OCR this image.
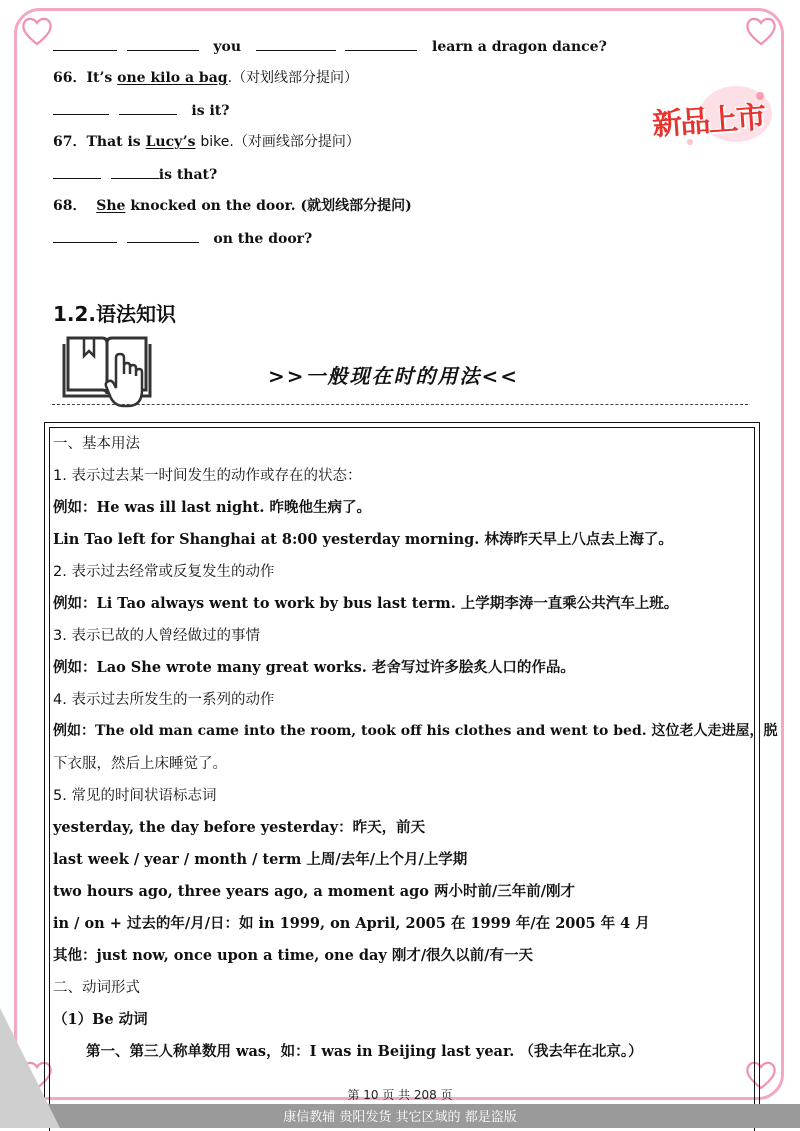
you	learn a dragon dance?
66．It’s one kilo a bag.（对划线部分提问）
is it?
67．That is Lucy’s bike.（对画线部分提问）
is that?
68． She knocked on the door. (就划线部分提问)
on the door?
新品上市
1.2.语法知识
>>一般现在时的用法<<
一、基本用法
1. 表示过去某一时间发生的动作或存在的状态：
例如：He was ill last night. 昨晚他生病了。
Lin Tao left for Shanghai at 8:00 yesterday morning. 林涛昨天早上八点去上海了。
2. 表示过去经常或反复发生的动作
例如：Li Tao always went to work by bus last term. 上学期李涛一直乘公共汽车上班。
3. 表示已故的人曾经做过的事情
例如：Lao She wrote many great works. 老舍写过许多脍炙人口的作品。
4. 表示过去所发生的一系列的动作
例如：The old man came into the room, took off his clothes and went to bed. 这位老人走进屋，脱
下衣服，然后上床睡觉了。
5. 常见的时间状语标志词
yesterday, the day before yesterday：昨天，前天
last week / year / month / term 上周/去年/上个月/上学期
two hours ago, three years ago, a moment ago 两小时前/三年前/刚才
in / on + 过去的年/月/日：如 in 1999, on April, 2005 在 1999 年/在 2005 年 4 月
其他：just now, once upon a time, one day 刚才/很久以前/有一天
二、动词形式
（1）Be 动词
第一、第三人称单数用 was，如：I was in Beijing last year. （我去年在北京。）
第 10 页 共 208 页
康信教辅 贵阳发货 其它区域的 都是盗版
